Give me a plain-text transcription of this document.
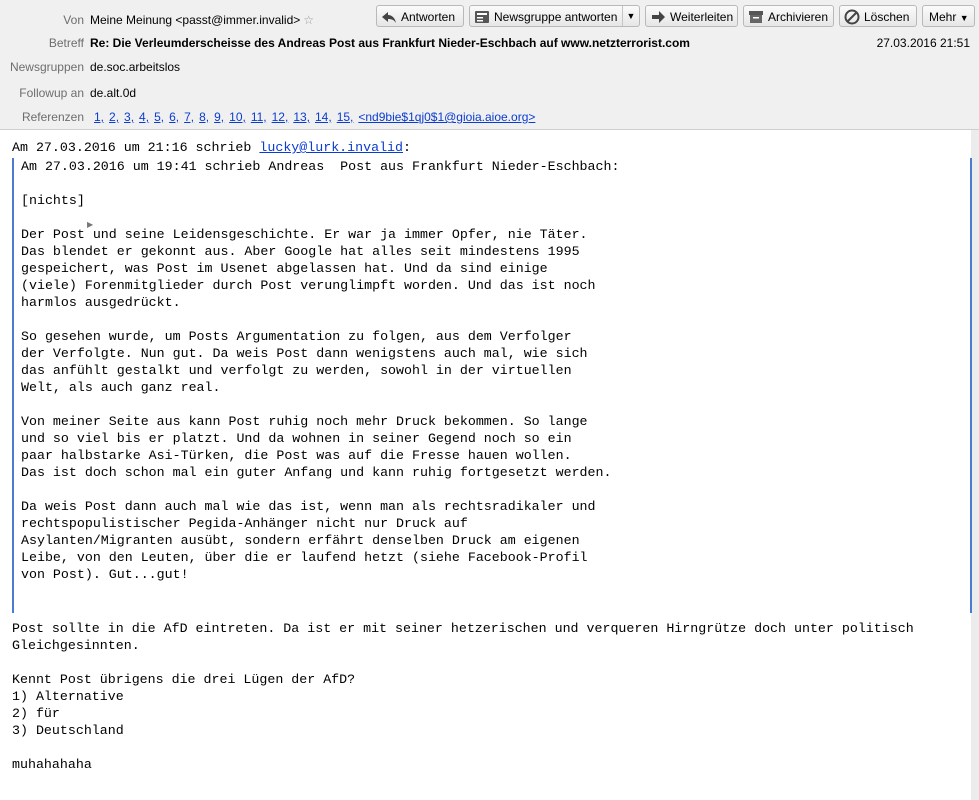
Von Meine Meinung <passt@immer.invalid> ☆
Betreff Re: Die Verleumderscheisse des Andreas Post aus Frankfurt Nieder-Eschbach auf www.netzterrorist.com	27.03.2016 21:51
Newsgruppen de.soc.arbeitslos
Followup an de.alt.0d
Referenzen
▶
1, 2, 3, 4, 5, 6, 7, 8, 9, 10, 11, 12, 13, 14, 15, <nd9bie$1qj0$1@gioia.aioe.org>
Antworten	Newsgruppe antworten	▼	Weiterleiten	Archivieren	Löschen	Mehr ▼
Am 27.03.2016 um 21:16 schrieb lucky@lurk.invalid:
Am 27.03.2016 um 19:41 schrieb Andreas  Post aus Frankfurt Nieder-Eschbach:
[nichts]
Der Post und seine Leidensgeschichte. Er war ja immer Opfer, nie Täter.
Das blendet er gekonnt aus. Aber Google hat alles seit mindestens 1995
gespeichert, was Post im Usenet abgelassen hat. Und da sind einige
(viele) Forenmitglieder durch Post verunglimpft worden. Und das ist noch
harmlos ausgedrückt.
So gesehen wurde, um Posts Argumentation zu folgen, aus dem Verfolger
der Verfolgte. Nun gut. Da weis Post dann wenigstens auch mal, wie sich
das anfühlt gestalkt und verfolgt zu werden, sowohl in der virtuellen
Welt, als auch ganz real.
Von meiner Seite aus kann Post ruhig noch mehr Druck bekommen. So lange
und so viel bis er platzt. Und da wohnen in seiner Gegend noch so ein
paar halbstarke Asi-Türken, die Post was auf die Fresse hauen wollen.
Das ist doch schon mal ein guter Anfang und kann ruhig fortgesetzt werden.
Da weis Post dann auch mal wie das ist, wenn man als rechtsradikaler und
rechtspopulistischer Pegida-Anhänger nicht nur Druck auf
Asylanten/Migranten ausübt, sondern erfährt denselben Druck am eigenen
Leibe, von den Leuten, über die er laufend hetzt (siehe Facebook-Profil
von Post). Gut...gut!
Post sollte in die AfD eintreten. Da ist er mit seiner hetzerischen und verqueren Hirngrütze doch unter politisch
Gleichgesinnten.
Kennt Post übrigens die drei Lügen der AfD?
1) Alternative
2) für
3) Deutschland
muhahahaha
